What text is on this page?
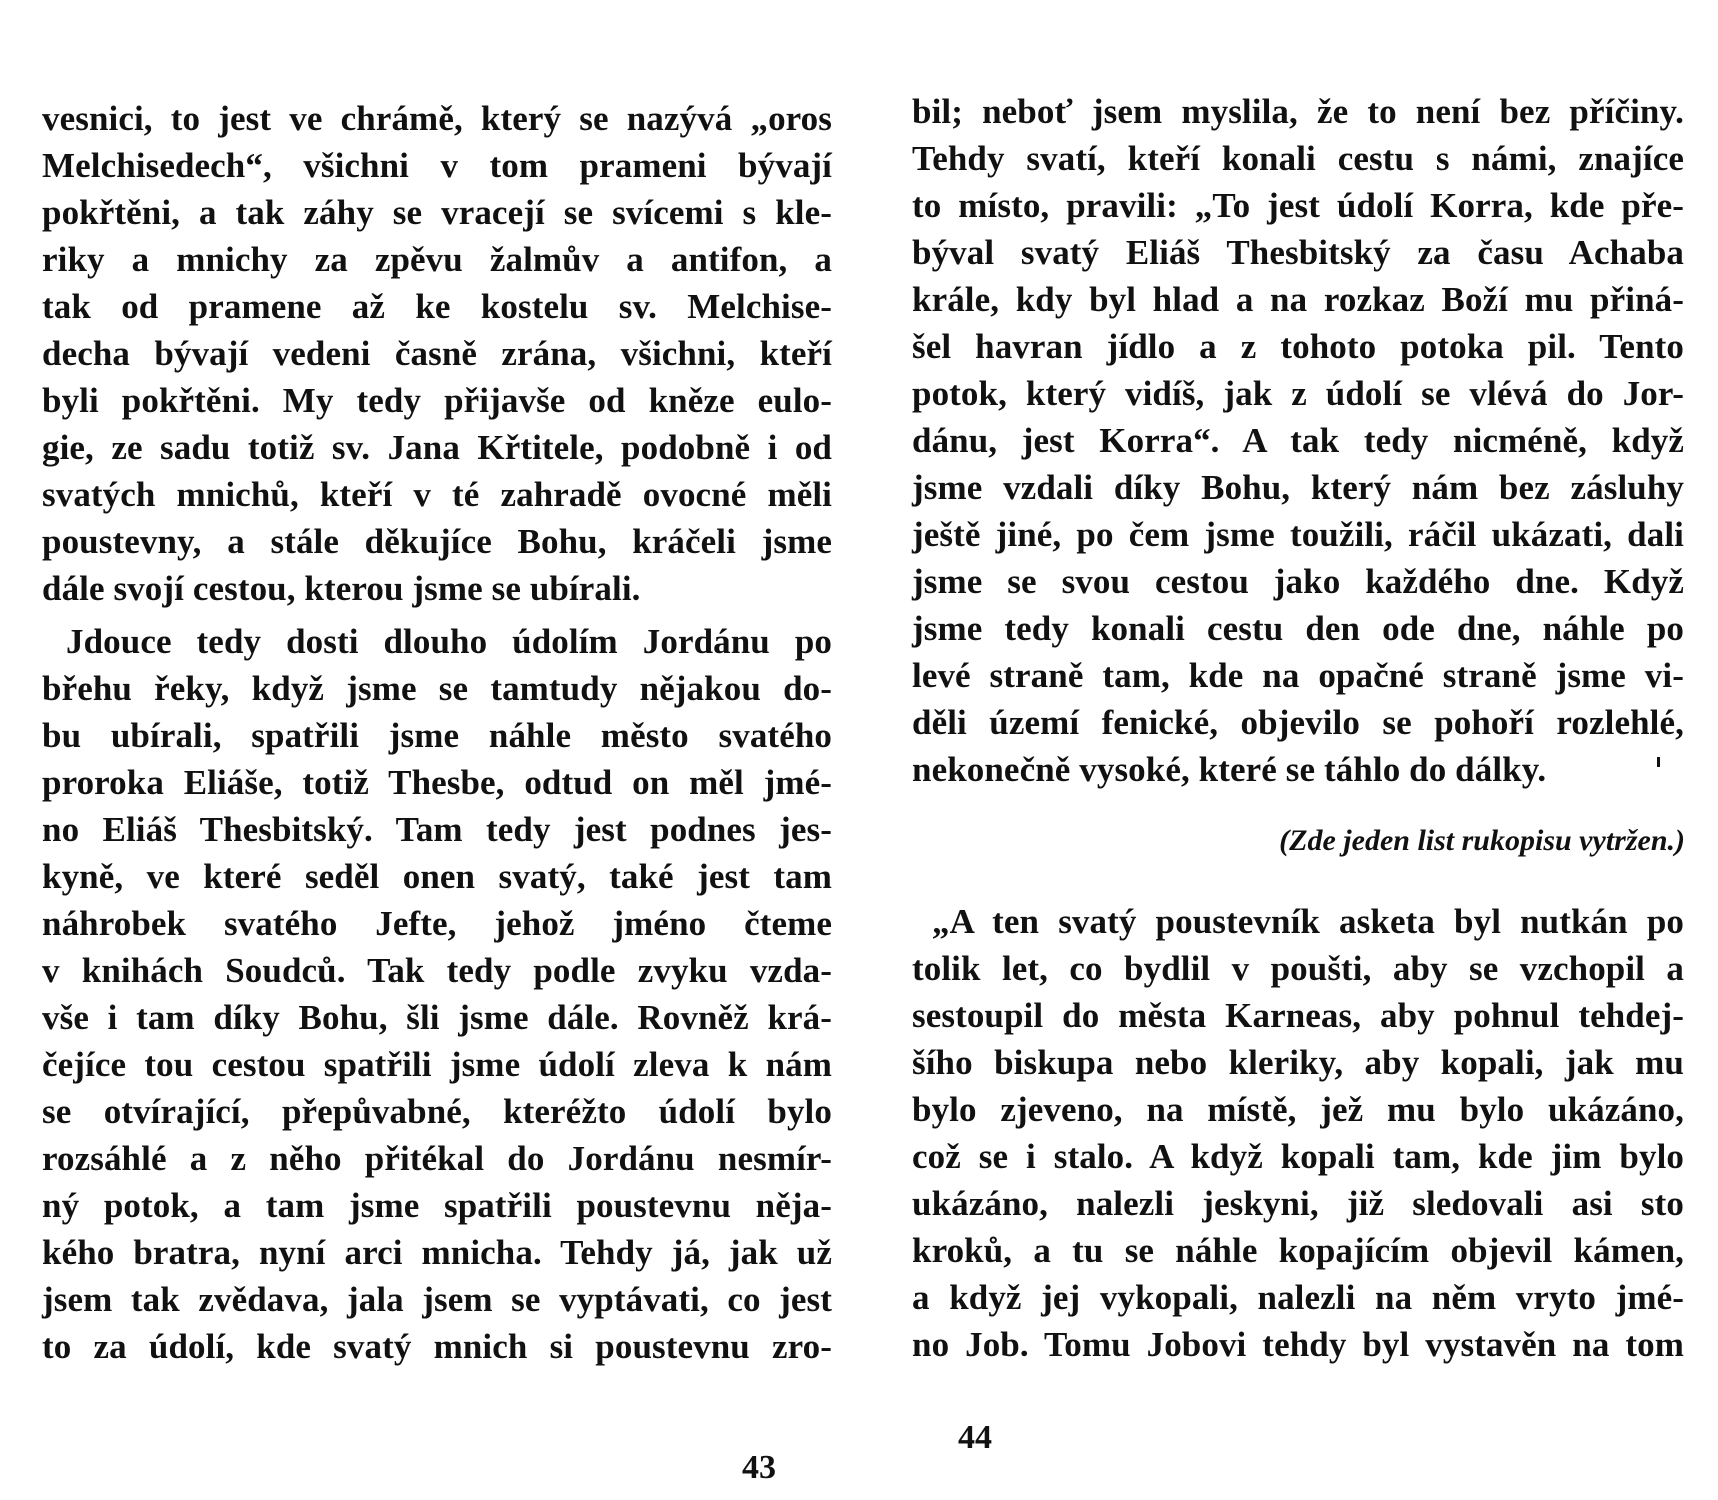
vesnici, to jest ve chrámě, který se nazývá „oros
Melchisedech“, všichni v tom prameni bývají
pokřtěni, a tak záhy se vracejí se svícemi s kle-
riky a mnichy za zpěvu žalmův a antifon, a
tak od pramene až ke kostelu sv. Melchise-
decha bývají vedeni časně zrána, všichni, kteří
byli pokřtěni. My tedy přijavše od kněze eulo-
gie, ze sadu totiž sv. Jana Křtitele, podobně i od
svatých mnichů, kteří v té zahradě ovocné měli
poustevny, a stále děkujíce Bohu, kráčeli jsme
dále svojí cestou, kterou jsme se ubírali.
Jdouce tedy dosti dlouho údolím Jordánu po
břehu řeky, když jsme se tamtudy nějakou do-
bu ubírali, spatřili jsme náhle město svatého
proroka Eliáše, totiž Thesbe, odtud on měl jmé-
no Eliáš Thesbitský. Tam tedy jest podnes jes-
kyně, ve které seděl onen svatý, také jest tam
náhrobek svatého Jefte, jehož jméno čteme
v knihách Soudců. Tak tedy podle zvyku vzda-
vše i tam díky Bohu, šli jsme dále. Rovněž krá-
čejíce tou cestou spatřili jsme údolí zleva k nám
se otvírající, přepůvabné, kteréžto údolí bylo
rozsáhlé a z něho přitékal do Jordánu nesmír-
ný potok, a tam jsme spatřili poustevnu něja-
kého bratra, nyní arci mnicha. Tehdy já, jak už
jsem tak zvědava, jala jsem se vyptávati, co jest
to za údolí, kde svatý mnich si poustevnu zro-
43
bil; neboť jsem myslila, že to není bez příčiny.
Tehdy svatí, kteří konali cestu s námi, znajíce
to místo, pravili: „To jest údolí Korra, kde pře-
býval svatý Eliáš Thesbitský za času Achaba
krále, kdy byl hlad a na rozkaz Boží mu přiná-
šel havran jídlo a z tohoto potoka pil. Tento
potok, který vidíš, jak z údolí se vlévá do Jor-
dánu, jest Korra“. A tak tedy nicméně, když
jsme vzdali díky Bohu, který nám bez zásluhy
ještě jiné, po čem jsme toužili, ráčil ukázati, dali
jsme se svou cestou jako každého dne. Když
jsme tedy konali cestu den ode dne, náhle po
levé straně tam, kde na opačné straně jsme vi-
děli území fenické, objevilo se pohoří rozlehlé,
nekonečně vysoké, které se táhlo do dálky.
„A ten svatý poustevník asketa byl nutkán po
tolik let, co bydlil v poušti, aby se vzchopil a
sestoupil do města Karneas, aby pohnul tehdej-
šího biskupa nebo kleriky, aby kopali, jak mu
bylo zjeveno, na místě, jež mu bylo ukázáno,
což se i stalo. A když kopali tam, kde jim bylo
ukázáno, nalezli jeskyni, již sledovali asi sto
kroků, a tu se náhle kopajícím objevil kámen,
a když jej vykopali, nalezli na něm vryto jmé-
no Job. Tomu Jobovi tehdy byl vystavěn na tom
(Zde jeden list rukopisu vytržen.)
44
